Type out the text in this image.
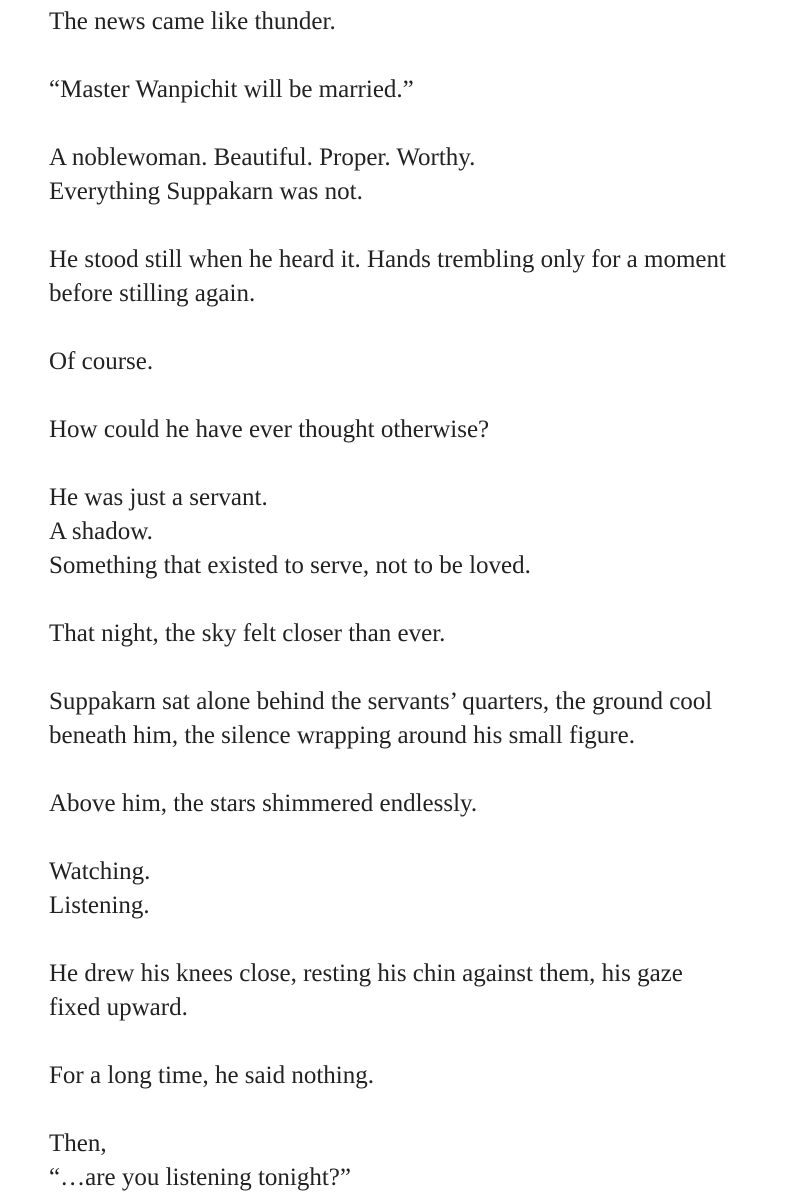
The news came like thunder.

“Master Wanpichit will be married.”

A noblewoman. Beautiful. Proper. Worthy.
Everything Suppakarn was not.

He stood still when he heard it. Hands trembling only for a moment
before stilling again.

Of course.

How could he have ever thought otherwise?

He was just a servant.
A shadow.
Something that existed to serve, not to be loved.

That night, the sky felt closer than ever.

Suppakarn sat alone behind the servants’ quarters, the ground cool
beneath him, the silence wrapping around his small figure.

Above him, the stars shimmered endlessly.

Watching.
Listening.

He drew his knees close, resting his chin against them, his gaze
fixed upward.

For a long time, he said nothing.

Then,
“…are you listening tonight?”
